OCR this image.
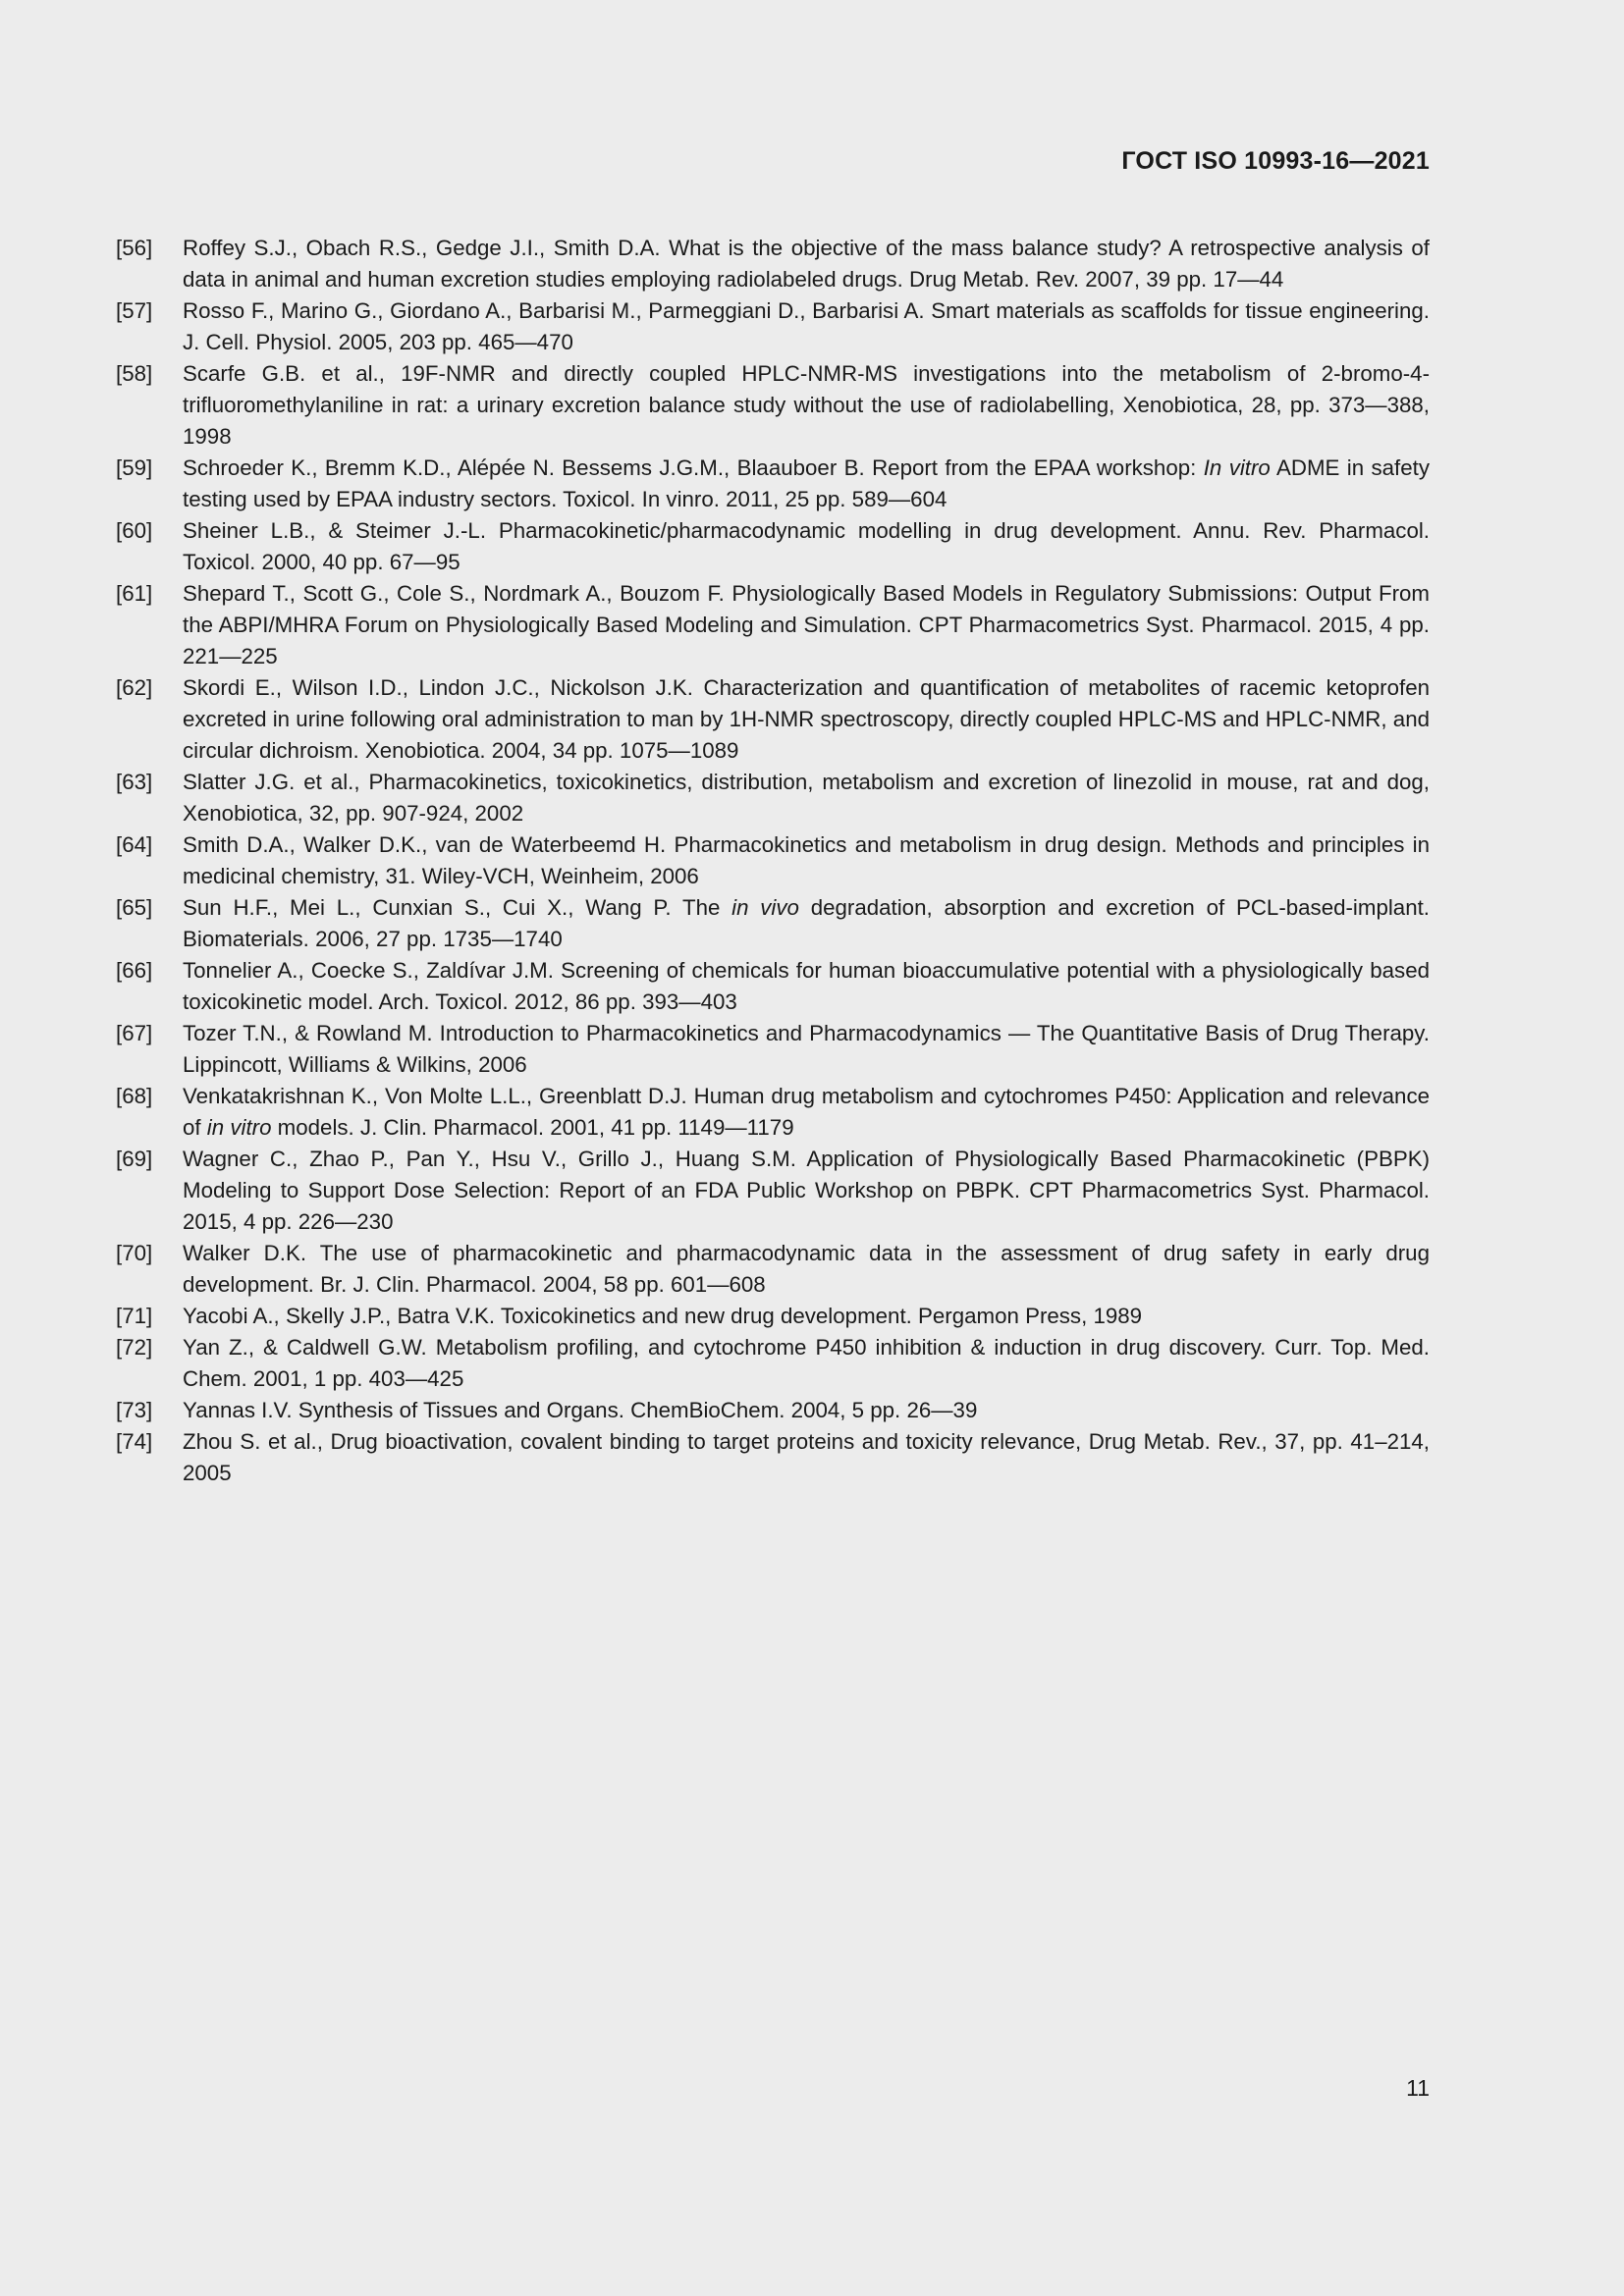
ГОСТ ISO 10993-16—2021
[56]	Roffey S.J., Obach R.S., Gedge J.I., Smith D.A. What is the objective of the mass balance study? A retrospective analysis of data in animal and human excretion studies employing radiolabeled drugs. Drug Metab. Rev. 2007, 39 pp. 17—44
[57]	Rosso F., Marino G., Giordano A., Barbarisi M., Parmeggiani D., Barbarisi A. Smart materials as scaffolds for tissue engineering. J. Cell. Physiol. 2005, 203 pp. 465—470
[58]	Scarfe G.B. et al., 19F-NMR and directly coupled HPLC-NMR-MS investigations into the metabolism of 2-bromo-4-trifluoromethylaniline in rat: a urinary excretion balance study without the use of radiolabelling, Xenobiotica, 28, pp. 373—388, 1998
[59]	Schroeder K., Bremm K.D., Alépée N. Bessems J.G.M., Blaauboer B. Report from the EPAA workshop: In vitro ADME in safety testing used by EPAA industry sectors. Toxicol. In vinro. 2011, 25 pp. 589—604
[60]	Sheiner L.B., & Steimer J.-L. Pharmacokinetic/pharmacodynamic modelling in drug development. Annu. Rev. Pharmacol. Toxicol. 2000, 40 pp. 67—95
[61]	Shepard T., Scott G., Cole S., Nordmark A., Bouzom F. Physiologically Based Models in Regulatory Submissions: Output From the ABPI/MHRA Forum on Physiologically Based Modeling and Simulation. CPT Pharmacometrics Syst. Pharmacol. 2015, 4 pp. 221—225
[62]	Skordi E., Wilson I.D., Lindon J.C., Nickolson J.K. Characterization and quantification of metabolites of racemic ketoprofen excreted in urine following oral administration to man by 1H-NMR spectroscopy, directly coupled HPLC-MS and HPLC-NMR, and circular dichroism. Xenobiotica. 2004, 34 pp. 1075—1089
[63]	Slatter J.G. et al., Pharmacokinetics, toxicokinetics, distribution, metabolism and excretion of linezolid in mouse, rat and dog, Xenobiotica, 32, pp. 907-924, 2002
[64]	Smith D.A., Walker D.K., van de Waterbeemd H. Pharmacokinetics and metabolism in drug design. Methods and principles in medicinal chemistry, 31. Wiley-VCH, Weinheim, 2006
[65]	Sun H.F., Mei L., Cunxian S., Cui X., Wang P. The in vivo degradation, absorption and excretion of PCL-based-implant. Biomaterials. 2006, 27 pp. 1735—1740
[66]	Tonnelier A., Coecke S., Zaldívar J.M. Screening of chemicals for human bioaccumulative potential with a physiologically based toxicokinetic model. Arch. Toxicol. 2012, 86 pp. 393—403
[67]	Tozer T.N., & Rowland M. Introduction to Pharmacokinetics and Pharmacodynamics — The Quantitative Basis of Drug Therapy. Lippincott, Williams & Wilkins, 2006
[68]	Venkatakrishnan K., Von Molte L.L., Greenblatt D.J. Human drug metabolism and cytochromes P450: Application and relevance of in vitro models. J. Clin. Pharmacol. 2001, 41 pp. 1149—1179
[69]	Wagner C., Zhao P., Pan Y., Hsu V., Grillo J., Huang S.M. Application of Physiologically Based Pharmacokinetic (PBPK) Modeling to Support Dose Selection: Report of an FDA Public Workshop on PBPK. CPT Pharmacometrics Syst. Pharmacol. 2015, 4 pp. 226—230
[70]	Walker D.K. The use of pharmacokinetic and pharmacodynamic data in the assessment of drug safety in early drug development. Br. J. Clin. Pharmacol. 2004, 58 pp. 601—608
[71]	Yacobi A., Skelly J.P., Batra V.K. Toxicokinetics and new drug development. Pergamon Press, 1989
[72]	Yan Z., & Caldwell G.W. Metabolism profiling, and cytochrome P450 inhibition & induction in drug discovery. Curr. Top. Med. Chem. 2001, 1 pp. 403—425
[73]	Yannas I.V. Synthesis of Tissues and Organs. ChemBioChem. 2004, 5 pp. 26—39
[74]	Zhou S. et al., Drug bioactivation, covalent binding to target proteins and toxicity relevance, Drug Metab. Rev., 37, pp. 41–214, 2005
11
